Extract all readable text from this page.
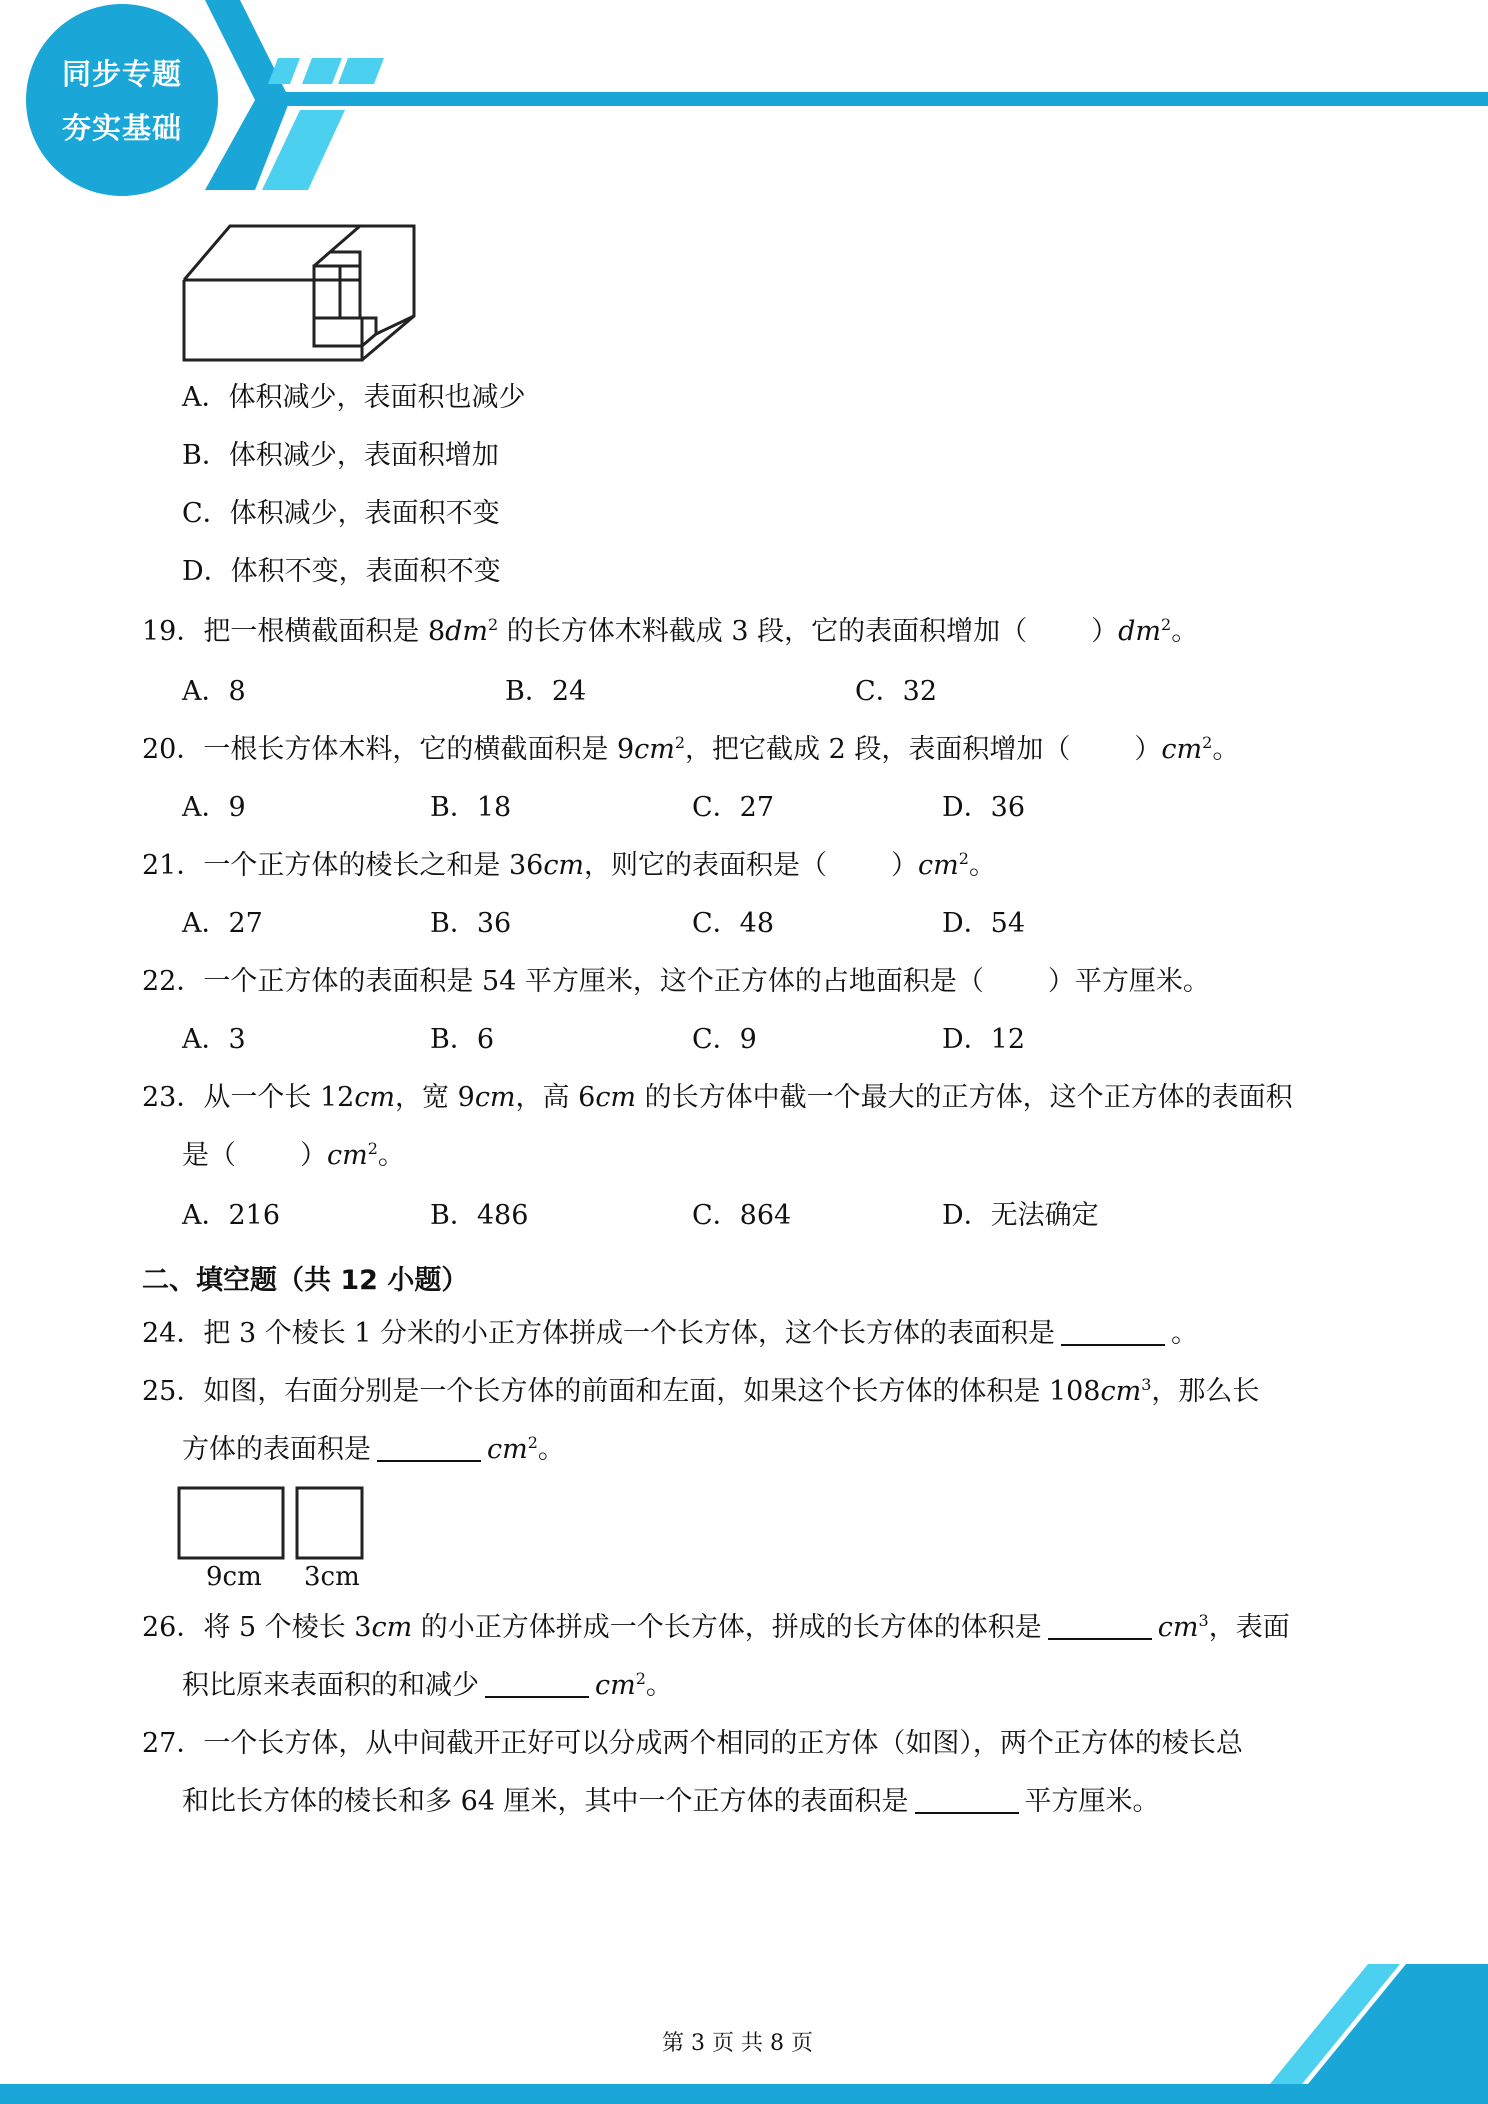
同步专题
夯实基础
A．体积减少，表面积也减少
B．体积减少，表面积增加
C．体积减少，表面积不变
D．体积不变，表面积不变
19．把一根横截面积是 $8dm^2$ 的长方体木料截成 3 段，它的表面积增加（ ）$dm^2$。
A．8	B．24	C．32
20．一根长方体木料，它的横截面积是 $9cm^2$，把它截成 2 段，表面积增加（ ）$cm^2$。
A．9	B．18	C．27	D．36
21．一个正方体的棱长之和是 36cm，则它的表面积是（ ）$cm^2$。
A．27	B．36	C．48	D．54
22．一个正方体的表面积是 54 平方厘米，这个正方体的占地面积是（ ）平方厘米。
A．3	B．6	C．9	D．12
23．从一个长 12cm，宽 9cm，高 6cm 的长方体中截一个最大的正方体，这个正方体的表面积
是（ ）$cm^2$。
A．216	B．486	C．864	D．无法确定
二、填空题（共 12 小题）
24．把 3 个棱长 1 分米的小正方体拼成一个长方体，这个长方体的表面积是	。
25．如图，右面分别是一个长方体的前面和左面，如果这个长方体的体积是 $108cm^3$，那么长
方体的表面积是	$cm^2$。
9cm 3cm
26．将 5 个棱长 3cm 的小正方体拼成一个长方体，拼成的长方体的体积是	$cm^3$，表面
积比原来表面积的和减少	$cm^2$。
27．一个长方体，从中间截开正好可以分成两个相同的正方体（如图），两个正方体的棱长总
和比长方体的棱长和多 64 厘米，其中一个正方体的表面积是	平方厘米。
第 3 页 共 8 页
